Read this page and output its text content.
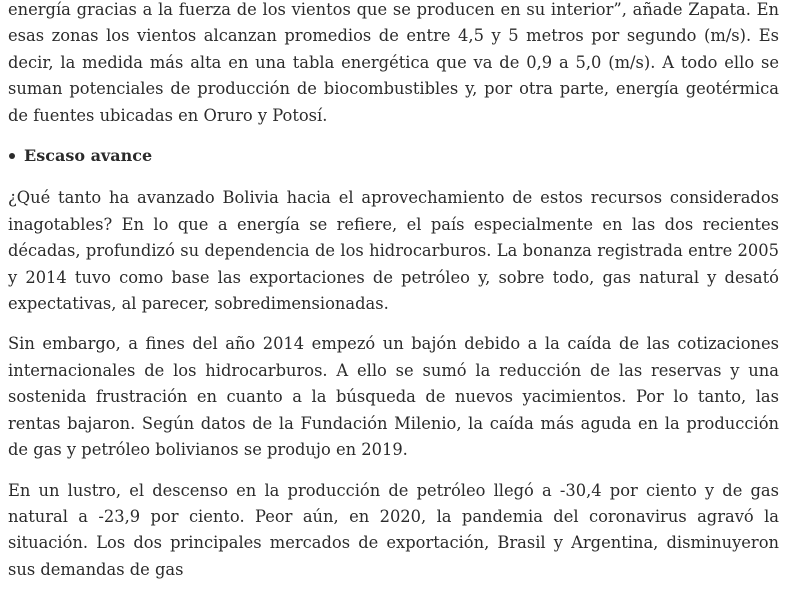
energía gracias a la fuerza de los vientos que se producen en su interior”, añade Zapata. En esas zonas los vientos alcanzan promedios de entre 4,5 y 5 metros por segundo (m/s). Es decir, la medida más alta en una tabla energética que va de 0,9 a 5,0 (m/s). A todo ello se suman potenciales de producción de biocombustibles y, por otra parte, energía geotérmica de fuentes ubicadas en Oruro y Potosí.

Escaso avance

¿Qué tanto ha avanzado Bolivia hacia el aprovechamiento de estos recursos considerados inagotables? En lo que a energía se refiere, el país especialmente en las dos recientes décadas, profundizó su dependencia de los hidrocarburos. La bonanza registrada entre 2005 y 2014 tuvo como base las exportaciones de petróleo y, sobre todo, gas natural y desató expectativas, al parecer, sobredimensionadas.

Sin embargo, a fines del año 2014 empezó un bajón debido a la caída de las cotizaciones internacionales de los hidrocarburos. A ello se sumó la reducción de las reservas y una sostenida frustración en cuanto a la búsqueda de nuevos yacimientos. Por lo tanto, las rentas bajaron. Según datos de la Fundación Milenio, la caída más aguda en la producción de gas y petróleo bolivianos se produjo en 2019.

En un lustro, el descenso en la producción de petróleo llegó a -30,4 por ciento y de gas natural a -23,9 por ciento. Peor aún, en 2020, la pandemia del coronavirus agravó la situación. Los dos principales mercados de exportación, Brasil y Argentina, disminuyeron sus demandas de gas
